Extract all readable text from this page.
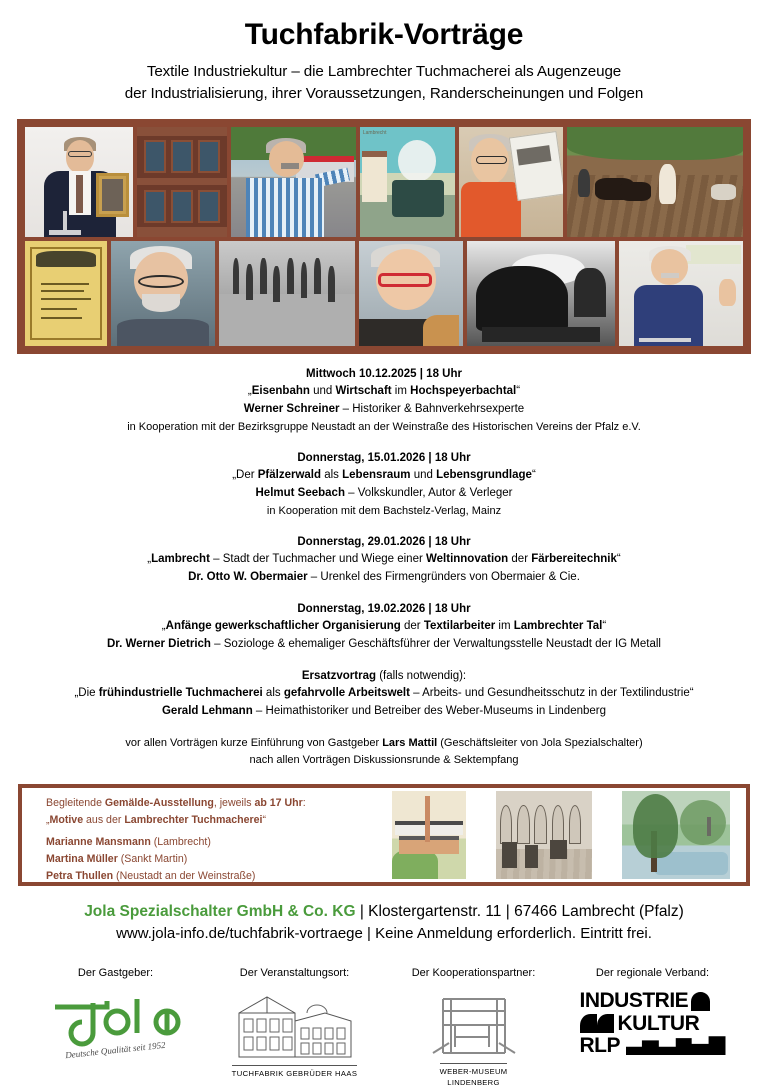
Tuchfabrik-Vorträge
Textile Industriekultur – die Lambrechter Tuchmacherei als Augenzeuge
der Industrialisierung, ihrer Voraussetzungen, Randerscheinungen und Folgen
Lambrecht
Mittwoch 10.12.2025 | 18 Uhr
„Eisenbahn und Wirtschaft im Hochspeyerbachtal“
Werner Schreiner – Historiker & Bahnverkehrsexperte
in Kooperation mit der Bezirksgruppe Neustadt an der Weinstraße des Historischen Vereins der Pfalz e.V.
Donnerstag, 15.01.2026 | 18 Uhr
„Der Pfälzerwald als Lebensraum und Lebensgrundlage“
Helmut Seebach – Volkskundler, Autor & Verleger
in Kooperation mit dem Bachstelz-Verlag, Mainz
Donnerstag, 29.01.2026 | 18 Uhr
„Lambrecht – Stadt der Tuchmacher und Wiege einer Weltinnovation der Färbereitechnik“
Dr. Otto W. Obermaier – Urenkel des Firmengründers von Obermaier & Cie.
Donnerstag, 19.02.2026 | 18 Uhr
„Anfänge gewerkschaftlicher Organisierung der Textilarbeiter im Lambrechter Tal“
Dr. Werner Dietrich – Soziologe & ehemaliger Geschäftsführer der Verwaltungsstelle Neustadt der IG Metall
Ersatzvortrag (falls notwendig):
„Die frühindustrielle Tuchmacherei als gefahrvolle Arbeitswelt – Arbeits- und Gesundheitsschutz in der Textilindustrie“
Gerald Lehmann – Heimathistoriker und Betreiber des Weber-Museums in Lindenberg
vor allen Vorträgen kurze Einführung von Gastgeber Lars Mattil (Geschäftsleiter von Jola Spezialschalter)
nach allen Vorträgen Diskussionsrunde & Sektempfang
Begleitende Gemälde-Ausstellung, jeweils ab 17 Uhr:
„Motive aus der Lambrechter Tuchmacherei“
Marianne Mansmann (Lambrecht)
Martina Müller (Sankt Martin)
Petra Thullen (Neustadt an der Weinstraße)
Jola Spezialschalter GmbH & Co. KG | Klostergartenstr. 11 | 67466 Lambrecht (Pfalz)
www.jola-info.de/tuchfabrik-vortraege | Keine Anmeldung erforderlich. Eintritt frei.
Der Gastgeber:
Deutsche Qualität seit 1952
Der Veranstaltungsort:
TUCHFABRIK GEBRÜDER HAAS
Der Kooperationspartner:
WEBER-MUSEUM
LINDENBERG
Der regionale Verband:
INDUSTRIE
KULTUR
RLP
